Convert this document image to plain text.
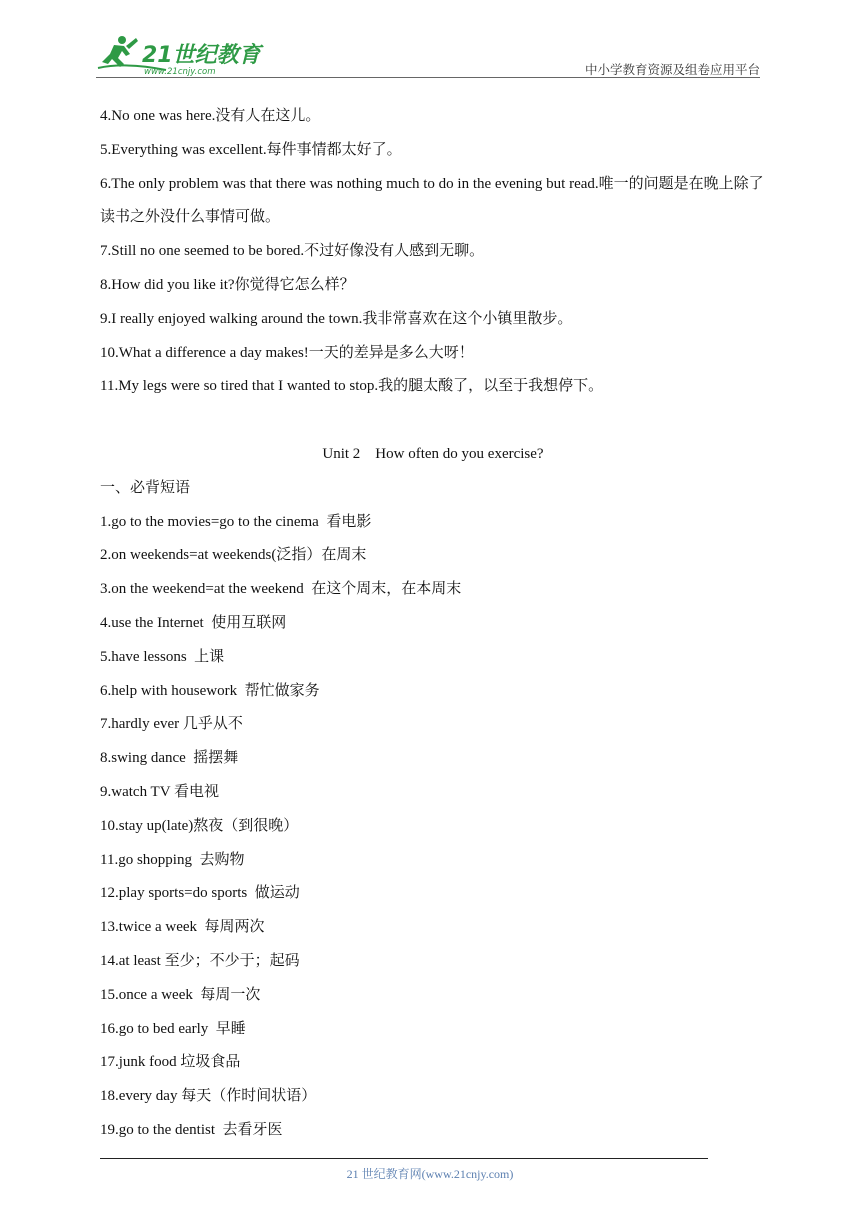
21世纪教育
www.21cnjy.com	中小学教育资源及组卷应用平台
4.No one was here.没有人在这儿。
5.Everything was excellent.每件事情都太好了。
6.The only problem was that there was nothing much to do in the evening but read.唯一的问题是在晚上除了读书之外没什么事情可做。
7.Still no one seemed to be bored.不过好像没有人感到无聊。
8.How did you like it?你觉得它怎么样？
9.I really enjoyed walking around the town.我非常喜欢在这个小镇里散步。
10.What a difference a day makes!一天的差异是多么大呀！
11.My legs were so tired that I wanted to stop.我的腿太酸了，以至于我想停下。
Unit 2    How often do you exercise?
一、必背短语
1.go to the movies=go to the cinema  看电影
2.on weekends=at weekends(泛指）在周末
3.on the weekend=at the weekend  在这个周末，在本周末
4.use the Internet  使用互联网
5.have lessons  上课
6.help with housework  帮忙做家务
7.hardly ever 几乎从不
8.swing dance  摇摆舞
9.watch TV 看电视
10.stay up(late)熬夜（到很晚）
11.go shopping  去购物
12.play sports=do sports  做运动
13.twice a week  每周两次
14.at least 至少；不少于；起码
15.once a week  每周一次
16.go to bed early  早睡
17.junk food 垃圾食品
18.every day 每天（作时间状语）
19.go to the dentist  去看牙医
21 世纪教育网(www.21cnjy.com)
